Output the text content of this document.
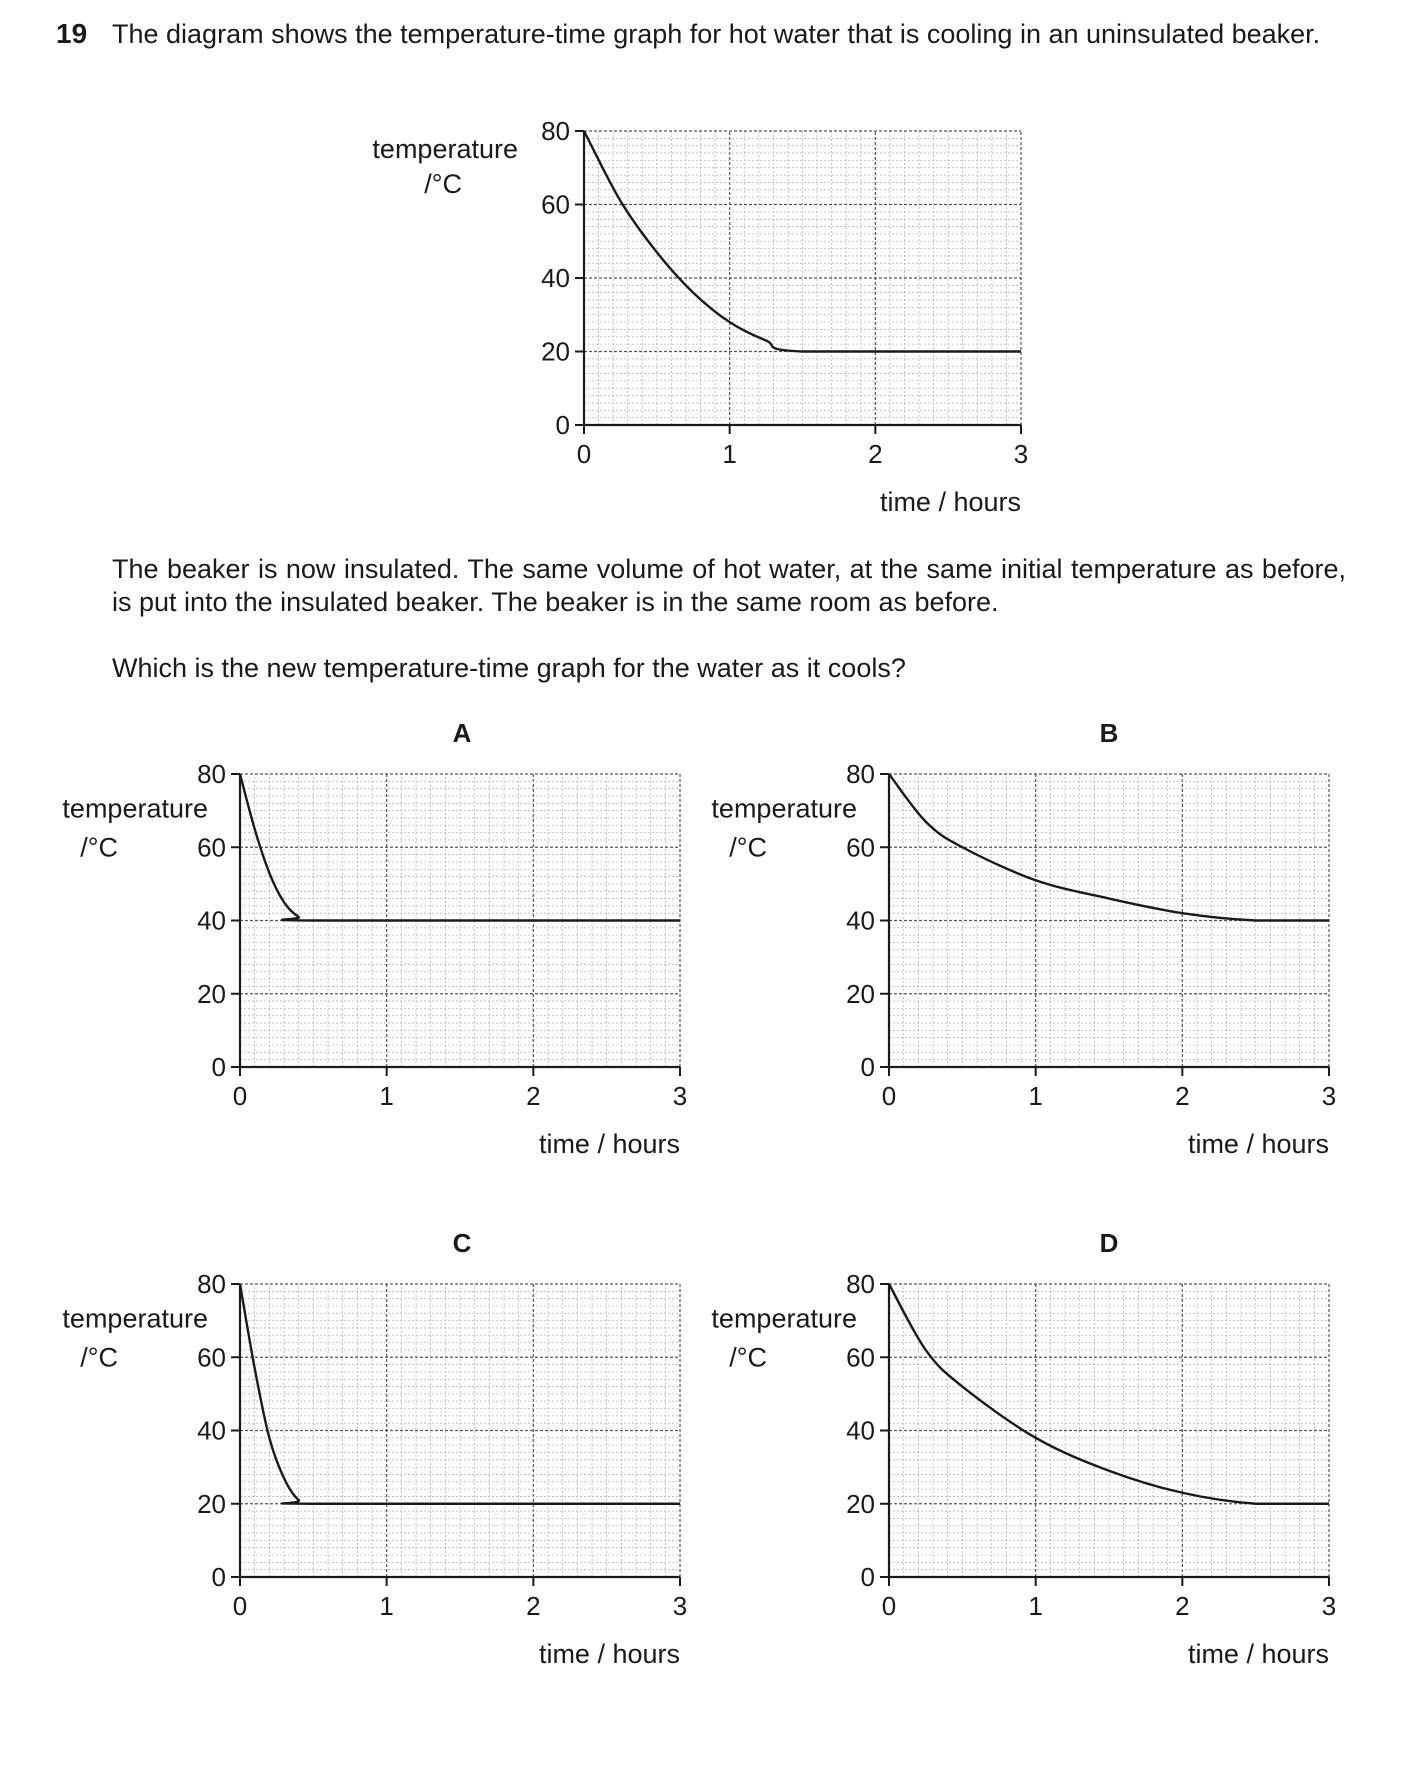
19 The diagram shows the temperature-time graph for hot water that is cooling in an uninsulated beaker.
0
20
40
60
80
0	1	2	3
temperature
/°C
time / hours
The beaker is now insulated. The same volume of hot water, at the same initial temperature as before, is put into the insulated beaker. The beaker is in the same room as before.
Which is the new temperature-time graph for the water as it cools?
A	B
C	D
0
20
40
60
80
0	1	2	3
temperature
/°C
time / hours
0
20
40
60
80
0	1	2	3
temperature
/°C
time / hours
0
20
40
60
80
0	1	2	3
temperature
/°C
time / hours
0
20
40
60
80
0	1	2	3
temperature
/°C
time / hours
